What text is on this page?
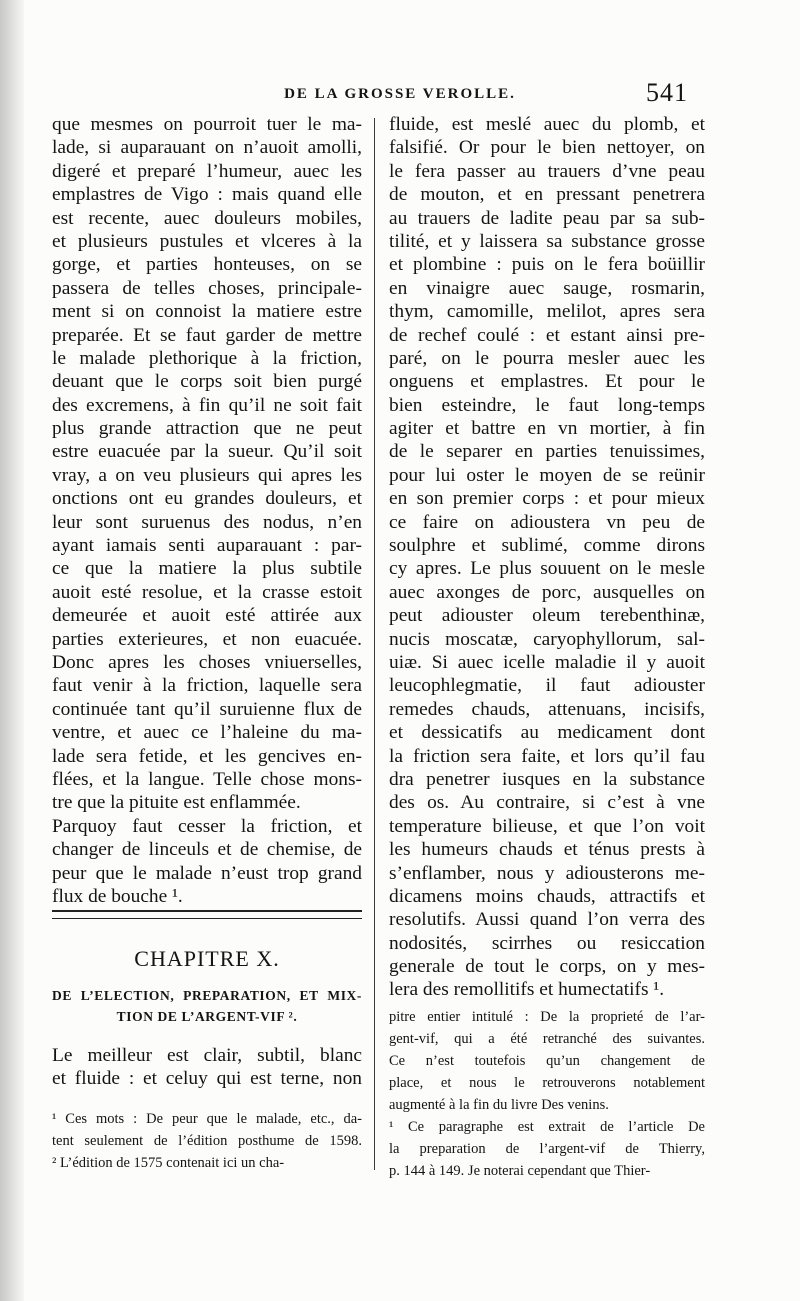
DE LA GROSSE VEROLLE.	541
que mesmes on pourroit tuer le ma-
lade, si auparauant on n’auoit amolli,
digeré et preparé l’humeur, auec les
emplastres de Vigo : mais quand elle
est recente, auec douleurs mobiles,
et plusieurs pustules et vlceres à la
gorge, et parties honteuses, on se
passera de telles choses, principale-
ment si on connoist la matiere estre
preparée. Et se faut garder de mettre
le malade plethorique à la friction,
deuant que le corps soit bien purgé
des excremens, à fin qu’il ne soit fait
plus grande attraction que ne peut
estre euacuée par la sueur. Qu’il soit
vray, a on veu plusieurs qui apres les
onctions ont eu grandes douleurs, et
leur sont suruenus des nodus, n’en
ayant iamais senti auparauant : par-
ce que la matiere la plus subtile
auoit esté resolue, et la crasse estoit
demeurée et auoit esté attirée aux
parties exterieures, et non euacuée.
Donc apres les choses vniuerselles,
faut venir à la friction, laquelle sera
continuée tant qu’il suruienne flux de
ventre, et auec ce l’haleine du ma-
lade sera fetide, et les gencives en-
flées, et la langue. Telle chose mons-
tre que la pituite est enflammée.
Parquoy faut cesser la friction, et
changer de linceuls et de chemise, de
peur que le malade n’eust trop grand
flux de bouche ¹.
CHAPITRE X.
DE L’ELECTION, PREPARATION, ET MIX-
TION DE L’ARGENT-VIF ².
Le meilleur est clair, subtil, blanc
et fluide : et celuy qui est terne, non
¹ Ces mots : De peur que le malade, etc., da-
tent seulement de l’édition posthume de 1598.
² L’édition de 1575 contenait ici un cha-
fluide, est meslé auec du plomb, et
falsifié. Or pour le bien nettoyer, on
le fera passer au trauers d’vne peau
de mouton, et en pressant penetrera
au trauers de ladite peau par sa sub-
tilité, et y laissera sa substance grosse
et plombine : puis on le fera boüillir
en vinaigre auec sauge, rosmarin,
thym, camomille, melilot, apres sera
de rechef coulé : et estant ainsi pre-
paré, on le pourra mesler auec les
onguens et emplastres. Et pour le
bien esteindre, le faut long-temps
agiter et battre en vn mortier, à fin
de le separer en parties tenuissimes,
pour lui oster le moyen de se reünir
en son premier corps : et pour mieux
ce faire on adioustera vn peu de
soulphre et sublimé, comme dirons
cy apres. Le plus souuent on le mesle
auec axonges de porc, ausquelles on
peut adiouster oleum terebenthinæ,
nucis moscatæ, caryophyllorum, sal-
uiæ. Si auec icelle maladie il y auoit
leucophlegmatie, il faut adiouster
remedes chauds, attenuans, incisifs,
et dessicatifs au medicament dont
la friction sera faite, et lors qu’il fau
dra penetrer iusques en la substance
des os. Au contraire, si c’est à vne
temperature bilieuse, et que l’on voit
les humeurs chauds et ténus prests à
s’enflamber, nous y adiousterons me-
dicamens moins chauds, attractifs et
resolutifs. Aussi quand l’on verra des
nodosités, scirrhes ou resiccation
generale de tout le corps, on y mes-
lera des remollitifs et humectatifs ¹.
pitre entier intitulé : De la proprieté de l’ar-
gent-vif, qui a été retranché des suivantes.
Ce n’est toutefois qu’un changement de
place, et nous le retrouverons notablement
augmenté à la fin du livre Des venins.
¹ Ce paragraphe est extrait de l’article De
la preparation de l’argent-vif de Thierry,
p. 144 à 149. Je noterai cependant que Thier-
